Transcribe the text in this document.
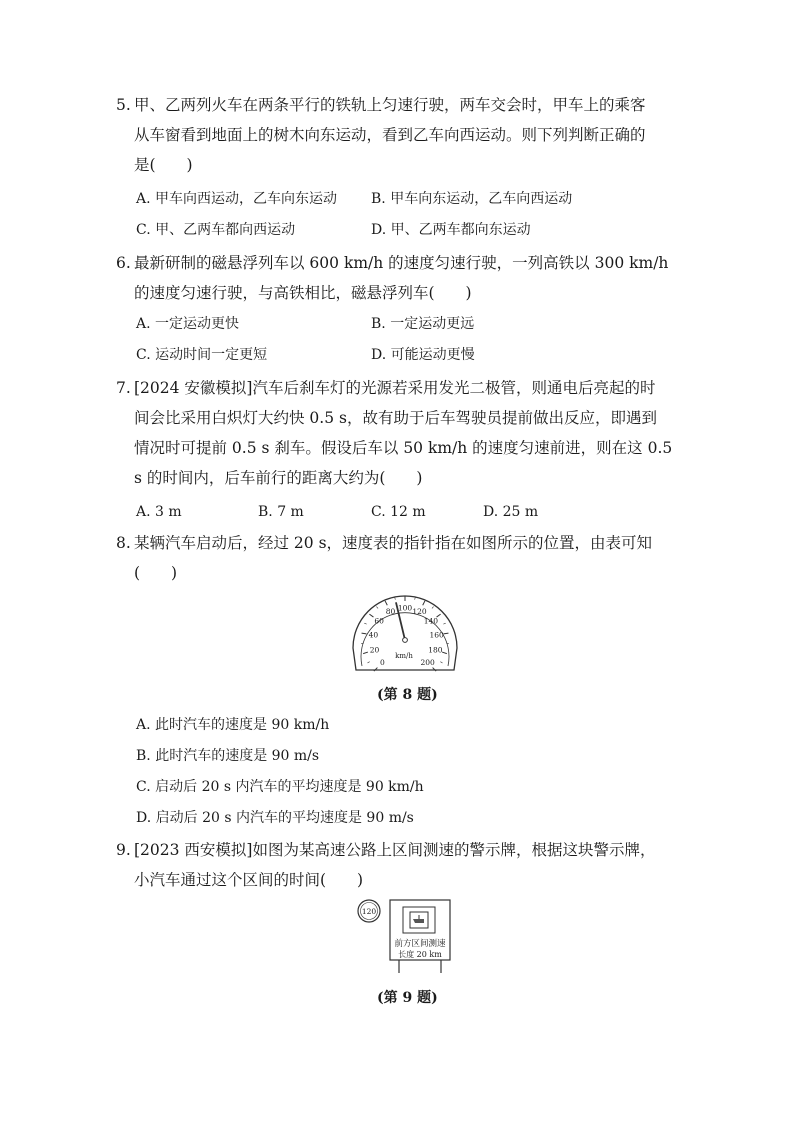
5. 甲、乙两列火车在两条平行的铁轨上匀速行驶，两车交会时，甲车上的乘客
从车窗看到地面上的树木向东运动，看到乙车向西运动。则下列判断正确的
是(　　)
A. 甲车向西运动，乙车向东运动 B. 甲车向东运动，乙车向西运动
C. 甲、乙两车都向西运动	D. 甲、乙两车都向东运动
6. 最新研制的磁悬浮列车以 600 km/h 的速度匀速行驶，一列高铁以 300 km/h
的速度匀速行驶，与高铁相比，磁悬浮列车(　　)
A. 一定运动更快	B. 一定运动更远
C. 运动时间一定更短	D. 可能运动更慢
7. [2024 安徽模拟]汽车后刹车灯的光源若采用发光二极管，则通电后亮起的时
间会比采用白炽灯大约快 0.5 s，故有助于后车驾驶员提前做出反应，即遇到
情况时可提前 0.5 s 刹车。假设后车以 50 km/h 的速度匀速前进，则在这 0.5
s 的时间内，后车前行的距离大约为(　　)
A. 3 m	B. 7 m	C. 12 m	D. 25 m
8. 某辆汽车启动后，经过 20 s，速度表的指针指在如图所示的位置，由表可知
(　　)
0
20
40
60
80 100 120
140
160
180
200
km/h
(第 8 题)
A. 此时汽车的速度是 90 km/h
B. 此时汽车的速度是 90 m/s
C. 启动后 20 s 内汽车的平均速度是 90 km/h
D. 启动后 20 s 内汽车的平均速度是 90 m/s
9. [2023 西安模拟]如图为某高速公路上区间测速的警示牌，根据这块警示牌，
小汽车通过这个区间的时间(　　)
120
前方区间测速
长度 20 km
(第 9 题)
